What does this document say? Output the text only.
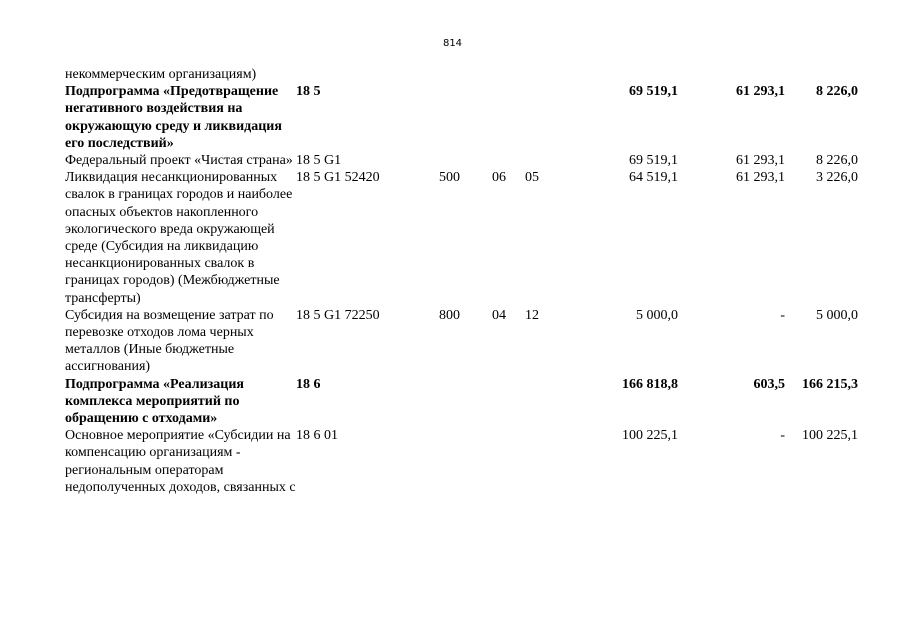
814
некоммерческим организациям)							
Подпрограмма «Предотвращение негативного воздействия на окружающую среду и ликвидация его последствий»	18 5				69 519,1	61 293,1	8 226,0
Федеральный проект «Чистая страна»	18 5 G1				69 519,1	61 293,1	8 226,0
Ликвидация несанкционированных свалок в границах городов и наиболее опасных объектов накопленного экологического вреда окружающей среде (Субсидия на ликвидацию несанкционированных свалок в границах городов) (Межбюджетные трансферты)	18 5 G1 52420	500	06	05	64 519,1	61 293,1	3 226,0
Субсидия на возмещение затрат по перевозке отходов лома черных металлов (Иные бюджетные ассигнования)	18 5 G1 72250	800	04	12	5 000,0	-	5 000,0
Подпрограмма «Реализация комплекса мероприятий по обращению с отходами»	18 6				166 818,8	603,5	166 215,3
Основное мероприятие «Субсидии на компенсацию организациям - региональным операторам недополученных доходов, связанных с	18 6 01				100 225,1	-	100 225,1
